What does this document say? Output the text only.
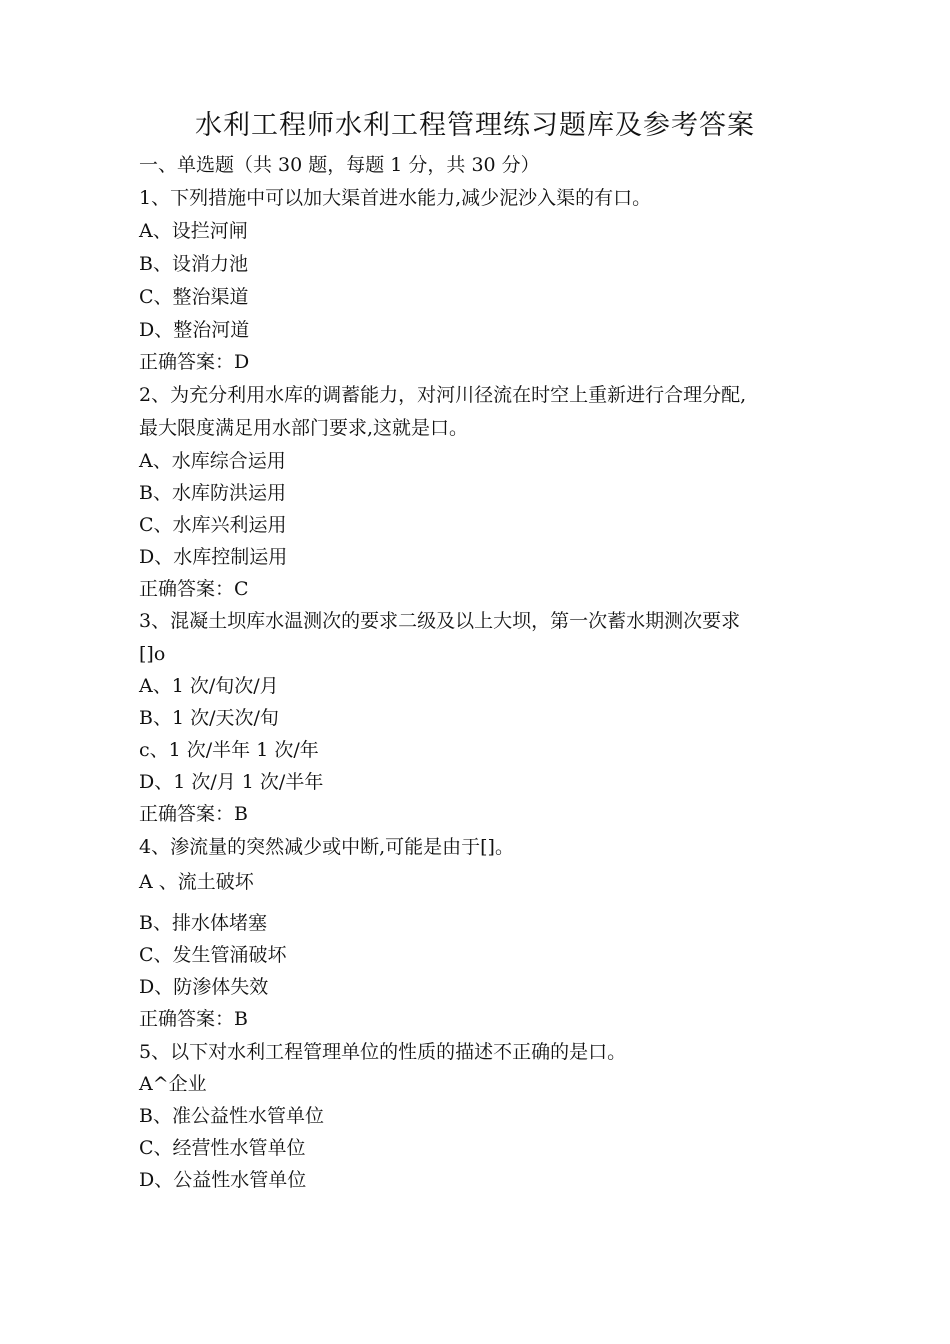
水利工程师水利工程管理练习题库及参考答案

一、单选题（共 30 题，每题 1 分，共 30 分）

1、下列措施中可以加大渠首进水能力,减少泥沙入渠的有口。

A、设拦河闸

B、设消力池

C、整治渠道

D、整治河道

正确答案：D

2、为充分利用水库的调蓄能力，对河川径流在时空上重新进行合理分配,

最大限度满足用水部门要求,这就是口。

A、水库综合运用

B、水库防洪运用

C、水库兴利运用

D、水库控制运用

正确答案：C

3、混凝土坝库水温测次的要求二级及以上大坝，第一次蓄水期测次要求

[]o

A、1 次/旬次/月

B、1 次/天次/旬

c、1 次/半年 1 次/年

D、1 次/月 1 次/半年

正确答案：B

4、渗流量的突然减少或中断,可能是由于[]。

A 、流土破坏

B、排水体堵塞

C、发生管涌破坏

D、防渗体失效

正确答案：B

5、以下对水利工程管理单位的性质的描述不正确的是口。

A^企业

B、准公益性水管单位

C、经营性水管单位

D、公益性水管单位
